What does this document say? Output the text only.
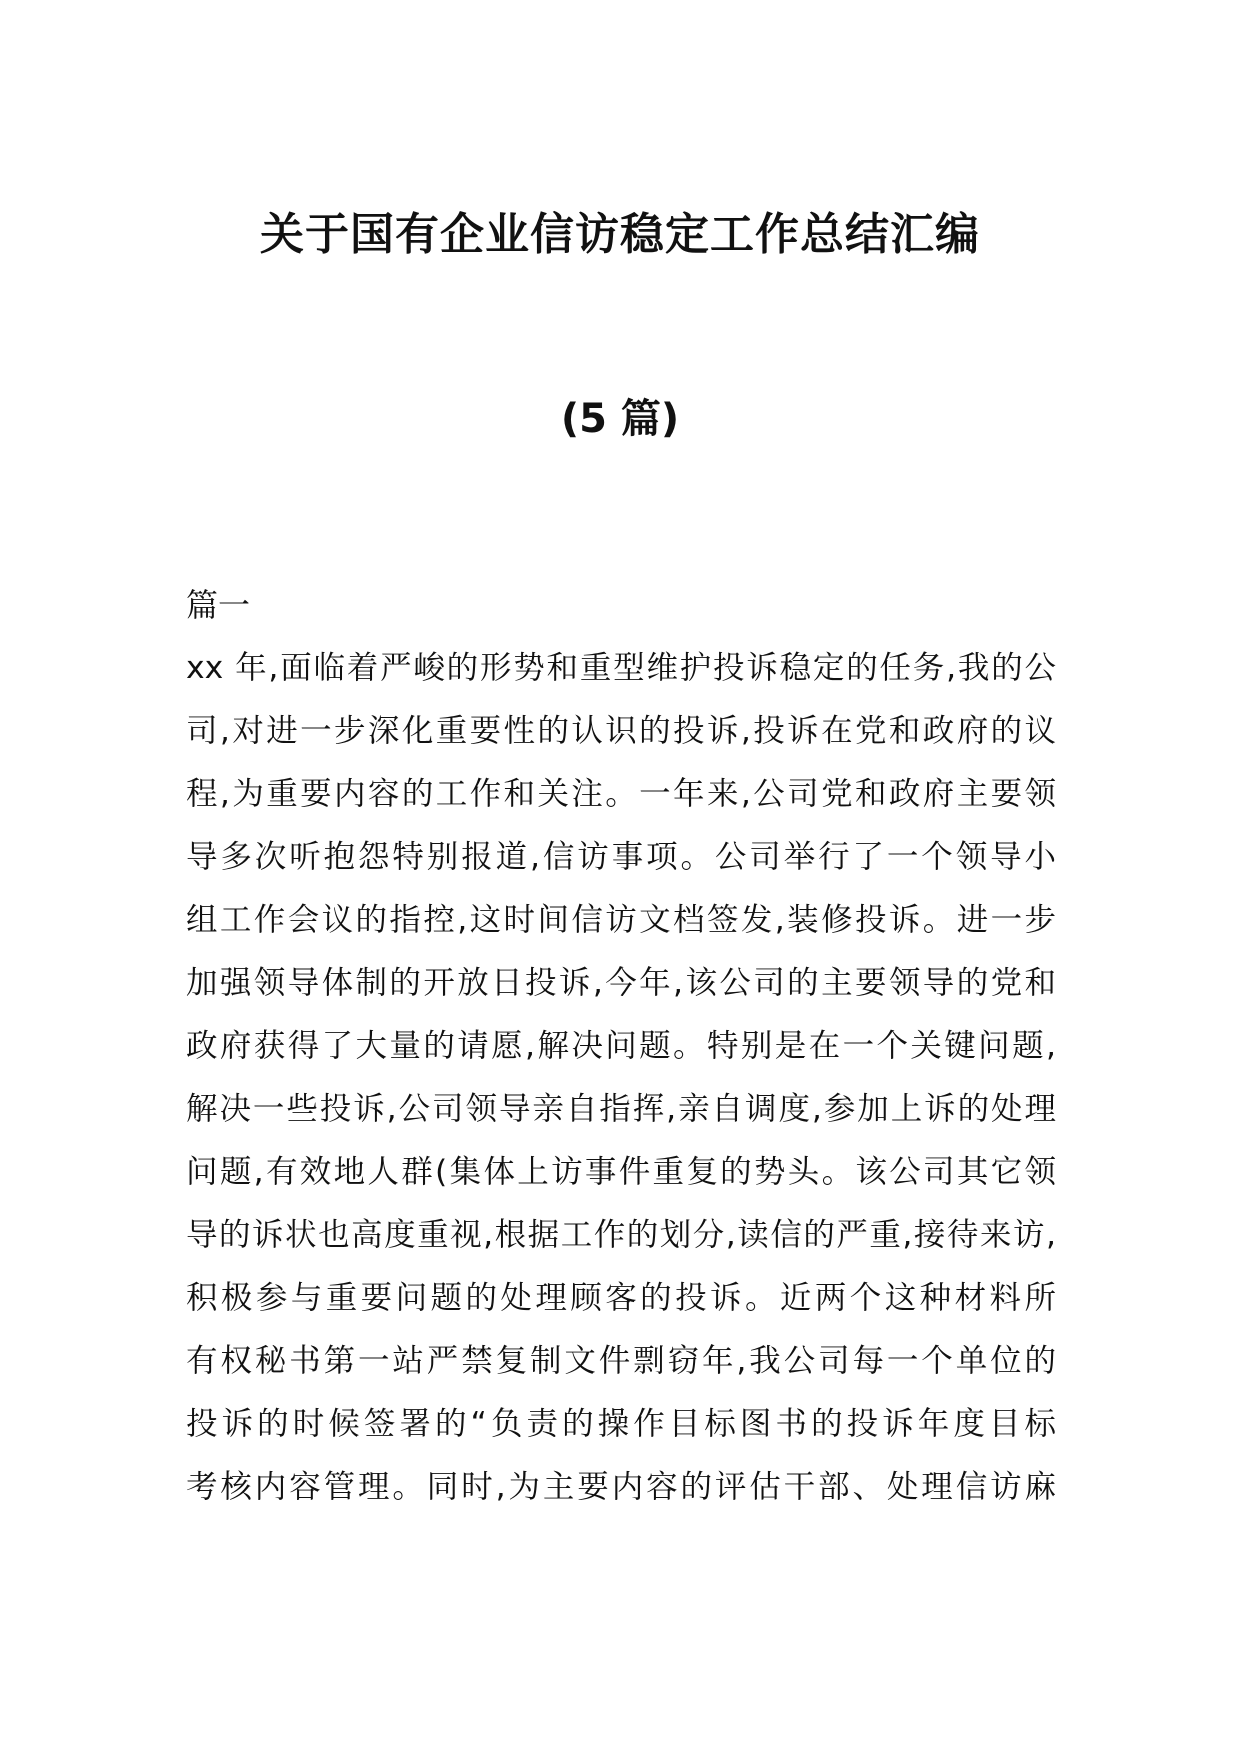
关于国有企业信访稳定工作总结汇编
(5 篇)
篇一
xx 年,面临着严峻的形势和重型维护投诉稳定的任务,我的公
司,对进一步深化重要性的认识的投诉,投诉在党和政府的议
程,为重要内容的工作和关注。一年来,公司党和政府主要领
导多次听抱怨特别报道,信访事项。公司举行了一个领导小
组工作会议的指控,这时间信访文档签发,装修投诉。进一步
加强领导体制的开放日投诉,今年,该公司的主要领导的党和
政府获得了大量的请愿,解决问题。特别是在一个关键问题,
解决一些投诉,公司领导亲自指挥,亲自调度,参加上诉的处理
问题,有效地人群(集体上访事件重复的势头。该公司其它领
导的诉状也高度重视,根据工作的划分,读信的严重,接待来访,
积极参与重要问题的处理顾客的投诉。近两个这种材料所
有权秘书第一站严禁复制文件剽窃年,我公司每一个单位的
投诉的时候签署的“负责的操作目标图书的投诉年度目标
考核内容管理。同时,为主要内容的评估干部、处理信访麻
